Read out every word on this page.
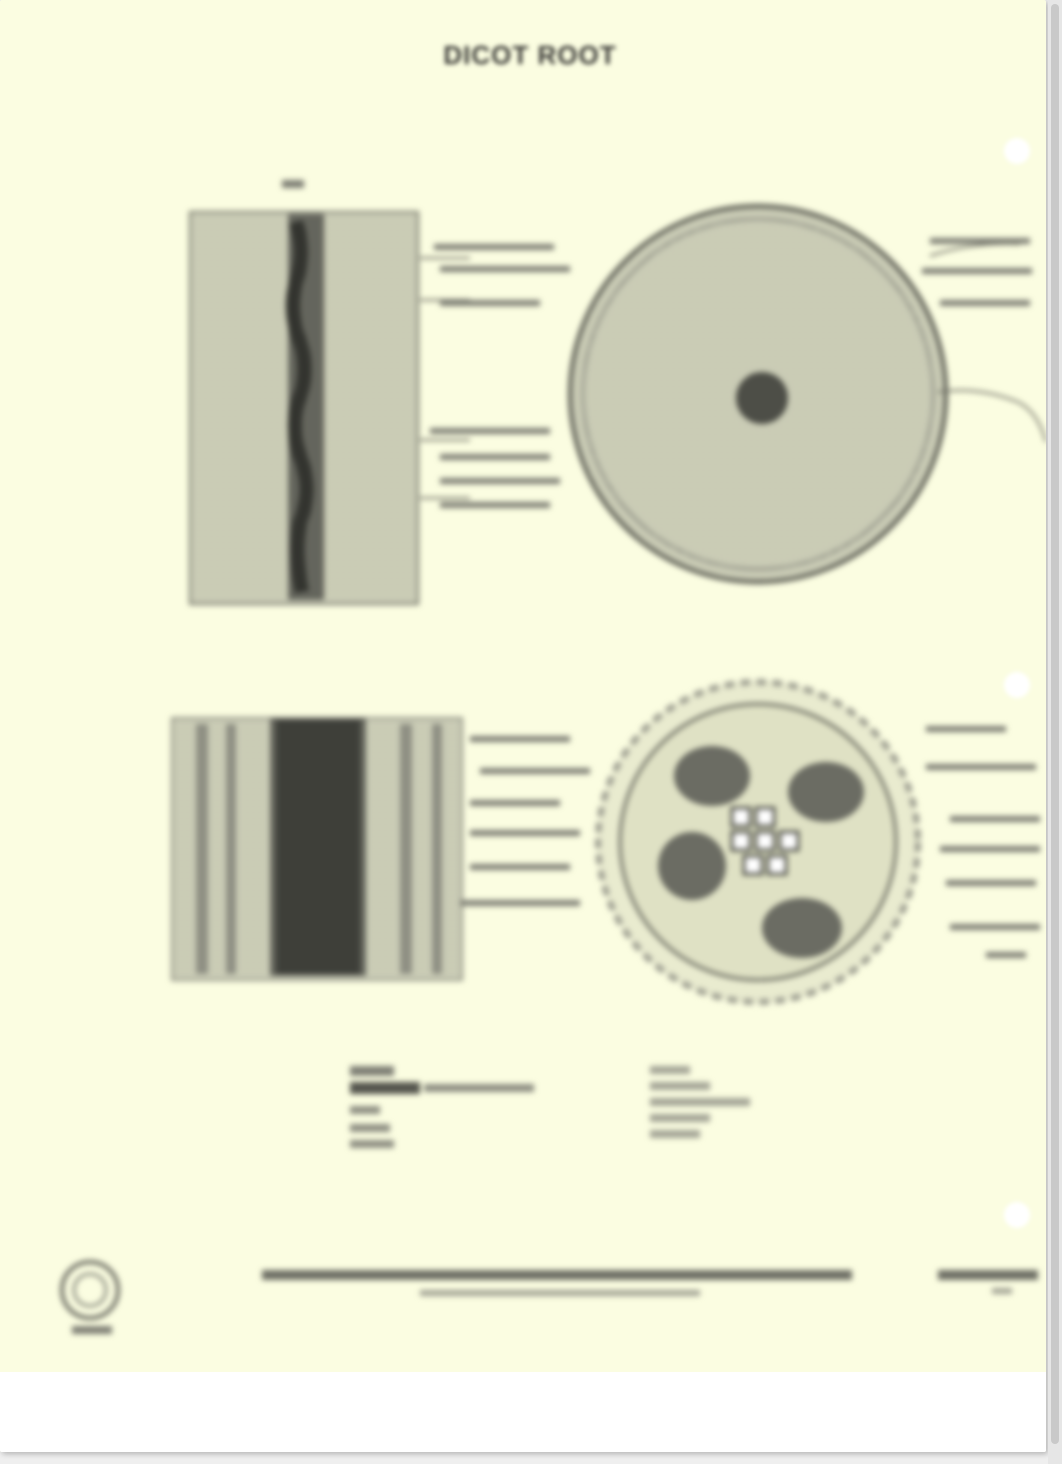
DICOT ROOT
